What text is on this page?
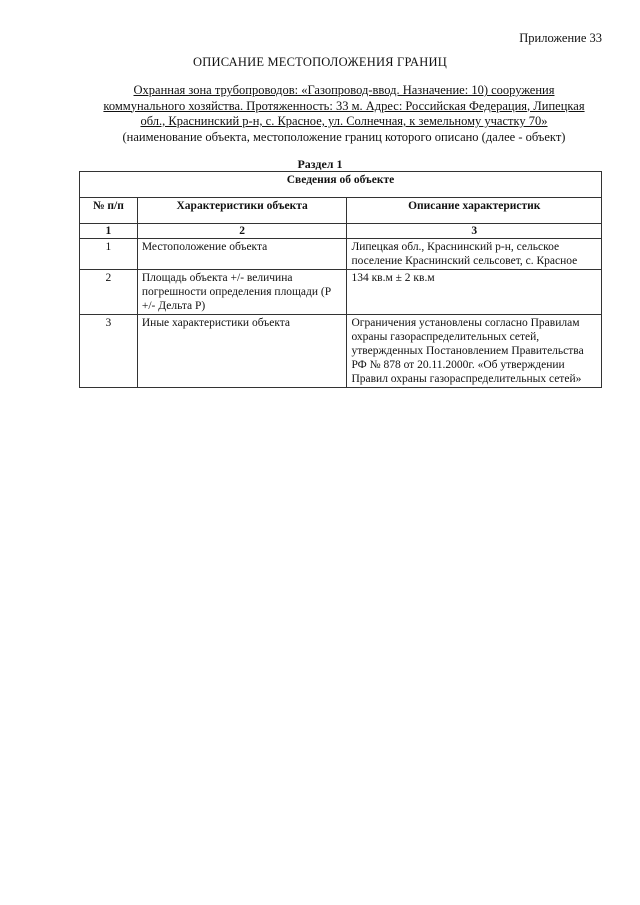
Приложение 33
ОПИСАНИЕ МЕСТОПОЛОЖЕНИЯ ГРАНИЦ
Охранная зона трубопроводов: «Газопровод-ввод. Назначение: 10) сооружения
коммунального хозяйства. Протяженность: 33 м. Адрес: Российская Федерация, Липецкая
обл., Краснинский р-н, с. Красное, ул. Солнечная, к земельному участку 70»
(наименование объекта, местоположение границ которого описано (далее - объект)
Раздел 1
Сведения об объекте		
№ п/п	Характеристики объекта	Описание характеристик
1	2	3
1	Местоположение объекта	Липецкая обл., Краснинский р-н, сельское поселение Краснинский сельсовет, с. Красное
2	Площадь объекта +/- величина погрешности определения площади (Р +/- Дельта Р)	134 кв.м ± 2 кв.м
3	Иные характеристики объекта	Ограничения установлены согласно Правилам охраны газораспределительных сетей, утвержденных Постановлением Правительства РФ № 878 от 20.11.2000г. «Об утверждении Правил охраны газораспределительных сетей»
